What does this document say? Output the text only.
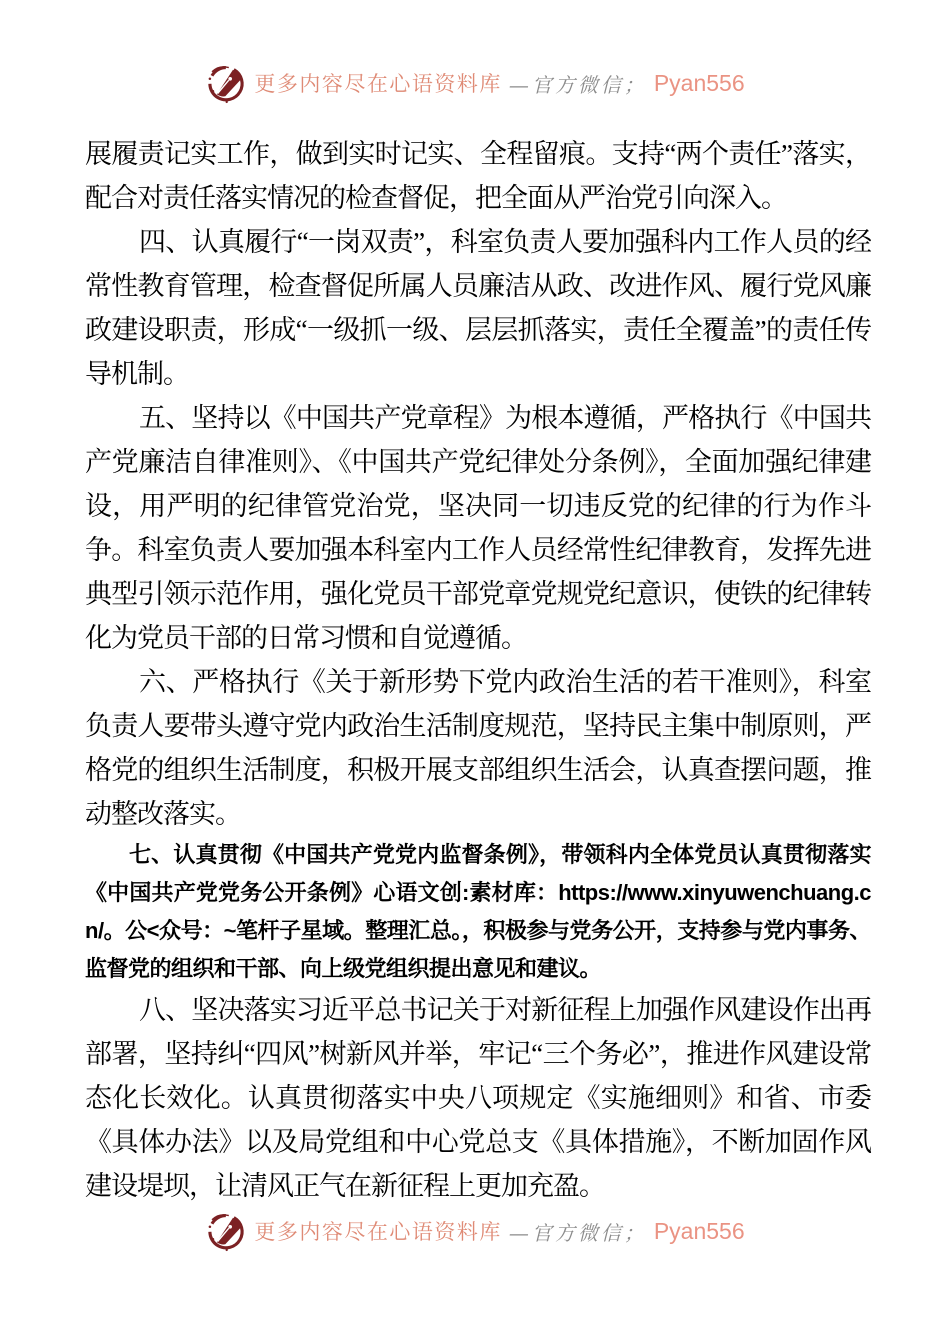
更多内容尽在心语资料库 —官方微信； Pyan556

展履责记实工作，做到实时记实、全程留痕。支持“两个责任”落实，配合对责任落实情况的检查督促，把全面从严治党引向深入。

四、认真履行“一岗双责”，科室负责人要加强科内工作人员的经常性教育管理，检查督促所属人员廉洁从政、改进作风、履行党风廉政建设职责，形成“一级抓一级、层层抓落实，责任全覆盖”的责任传导机制。

五、坚持以《中国共产党章程》为根本遵循，严格执行《中国共产党廉洁自律准则》、《中国共产党纪律处分条例》，全面加强纪律建设，用严明的纪律管党治党，坚决同一切违反党的纪律的行为作斗争。科室负责人要加强本科室内工作人员经常性纪律教育，发挥先进典型引领示范作用，强化党员干部党章党规党纪意识，使铁的纪律转化为党员干部的日常习惯和自觉遵循。

六、严格执行《关于新形势下党内政治生活的若干准则》，科室负责人要带头遵守党内政治生活制度规范，坚持民主集中制原则，严格党的组织生活制度，积极开展支部组织生活会，认真查摆问题，推动整改落实。

七、认真贯彻《中国共产党党内监督条例》，带领科内全体党员认真贯彻落实《中国共产党党务公开条例》心语文创:素材库：https://www.xinyuwenchuang.cn/。公<众号：~笔杆子星域。整理汇总。，积极参与党务公开，支持参与党内事务、监督党的组织和干部、向上级党组织提出意见和建议。

八、坚决落实习近平总书记关于对新征程上加强作风建设作出再部署，坚持纠“四风”树新风并举，牢记“三个务必”，推进作风建设常态化长效化。认真贯彻落实中央八项规定《实施细则》和省、市委《具体办法》以及局党组和中心党总支《具体措施》，不断加固作风建设堤坝，让清风正气在新征程上更加充盈。

更多内容尽在心语资料库 —官方微信； Pyan556
